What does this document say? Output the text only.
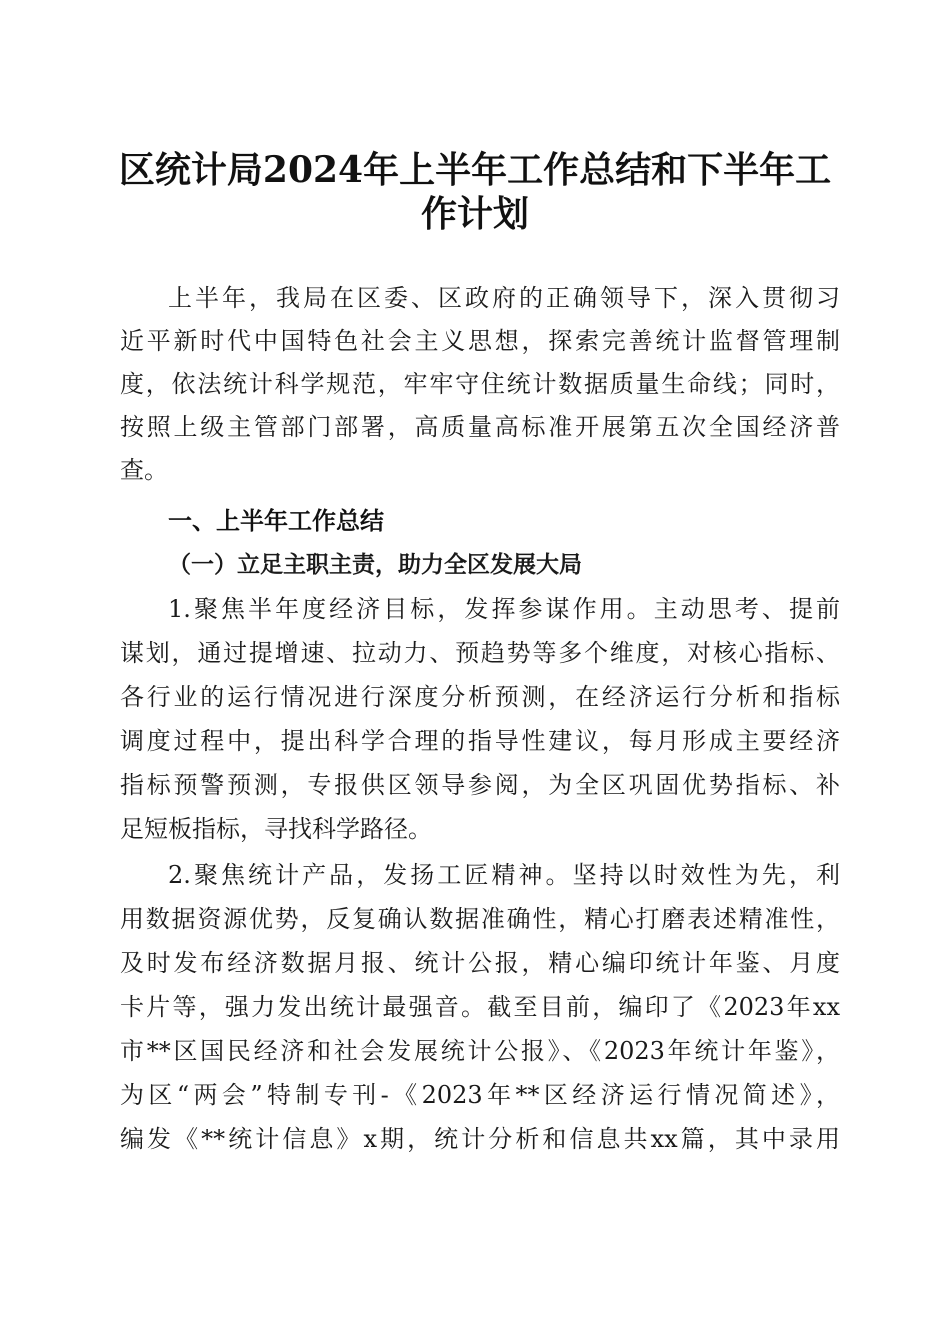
区统计局2024年上半年工作总结和下半年工
作计划

上半年，我局在区委、区政府的正确领导下，深入贯彻习

近平新时代中国特色社会主义思想，探索完善统计监督管理制

度，依法统计科学规范，牢牢守住统计数据质量生命线；同时，

按照上级主管部门部署，高质量高标准开展第五次全国经济普

查。

一、上半年工作总结
（一）立足主职主责，助力全区发展大局

1.聚焦半年度经济目标，发挥参谋作用。主动思考、提前

谋划，通过提增速、拉动力、预趋势等多个维度，对核心指标、

各行业的运行情况进行深度分析预测，在经济运行分析和指标

调度过程中，提出科学合理的指导性建议，每月形成主要经济

指标预警预测，专报供区领导参阅，为全区巩固优势指标、补

足短板指标，寻找科学路径。

2.聚焦统计产品，发扬工匠精神。坚持以时效性为先，利

用数据资源优势，反复确认数据准确性，精心打磨表述精准性，

及时发布经济数据月报、统计公报，精心编印统计年鉴、月度

卡片等，强力发出统计最强音。截至目前，编印了《2023年xx

市**区国民经济和社会发展统计公报》、《2023年统计年鉴》，

为区“两会”特制专刊-《2023年**区经济运行情况简述》，

编发《**统计信息》x期，统计分析和信息共xx篇，其中录用
